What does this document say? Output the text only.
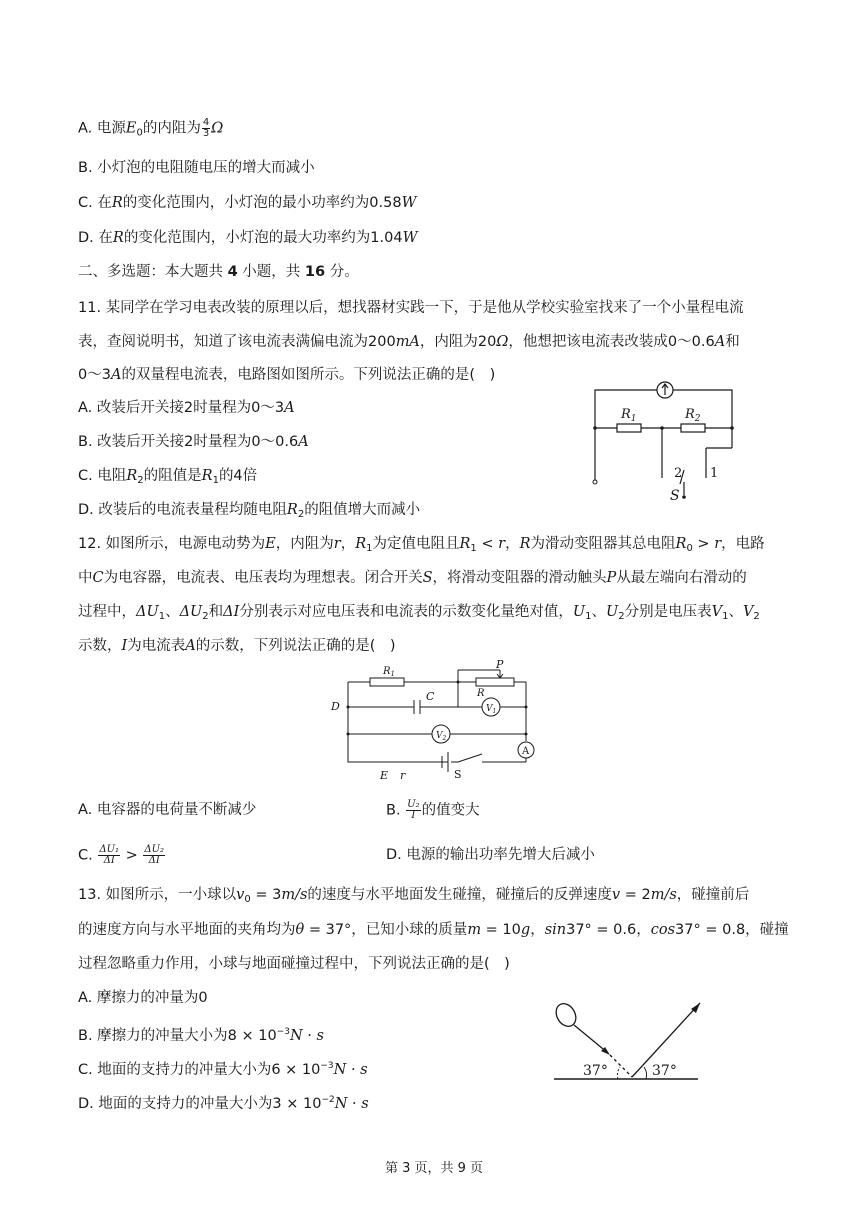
A. 电源$E_0$的内阻为 $\frac{4}{3}$ Ω
B. 小灯泡的电阻随电压的增大而减小
C. 在R的变化范围内，小灯泡的最小功率约为0.58W
D. 在R的变化范围内，小灯泡的最大功率约为1.04W
二、多选题：本大题共 4 小题，共 16 分。
11. 某同学在学习电表改装的原理以后，想找器材实践一下，于是他从学校实验室找来了一个小量程电流
表，查阅说明书，知道了该电流表满偏电流为200mA，内阻为20Ω，他想把该电流表改装成0～0.6A和
0～3A的双量程电流表，电路图如图所示。下列说法正确的是(　)
A. 改装后开关接2时量程为0～3A
B. 改装后开关接2时量程为0～0.6A
C. 电阻$R_2$的阻值是$R_1$的4倍
D. 改装后的电流表量程均随电阻$R_2$的阻值增大而减小
$R_1$	$R_2$
2 1
S
12. 如图所示，电源电动势为E，内阻为r，$R_1$为定值电阻且$R_1 < r$，R为滑动变阻器其总电阻$R_0 > r$，电路
中C为电容器，电流表、电压表均为理想表。闭合开关S，将滑动变阻器的滑动触头P从最左端向右滑动的
过程中，$\Delta U_1$、$\Delta U_2$和ΔI分别表示对应电压表和电流表的示数变化量绝对值，$U_1$、$U_2$分别是电压表$V_1$、$V_2$
示数，I为电流表A的示数，下列说法正确的是(　)
$R_1$
P
R
C
$V_1$
$V_2$
D
A
E r	S
A. 电容器的电荷量不断减少	B. $\frac{\text{U₂}}{I}$ 的值变大
C. $\frac{\text{ΔU₁}}{\Delta I} > \frac{\text{ΔU₂}}{\Delta I}$	D. 电源的输出功率先增大后减小
13. 如图所示，一小球以$v_0 = 3m/s$的速度与水平地面发生碰撞，碰撞后的反弹速度v = 2m/s，碰撞前后
的速度方向与水平地面的夹角均为θ = 37°，已知小球的质量m = 10g，sin37° = 0.6，cos37° = 0.8，碰撞
过程忽略重力作用，小球与地面碰撞过程中，下列说法正确的是(　)
A. 摩擦力的冲量为0
B. 摩擦力的冲量大小为$8 \times 10^{-3}N \cdot s$
C. 地面的支持力的冲量大小为$6 \times 10^{-3}N \cdot s$
D. 地面的支持力的冲量大小为$3 \times 10^{-2}N \cdot s$
37°	37°
第 3 页，共 9 页
